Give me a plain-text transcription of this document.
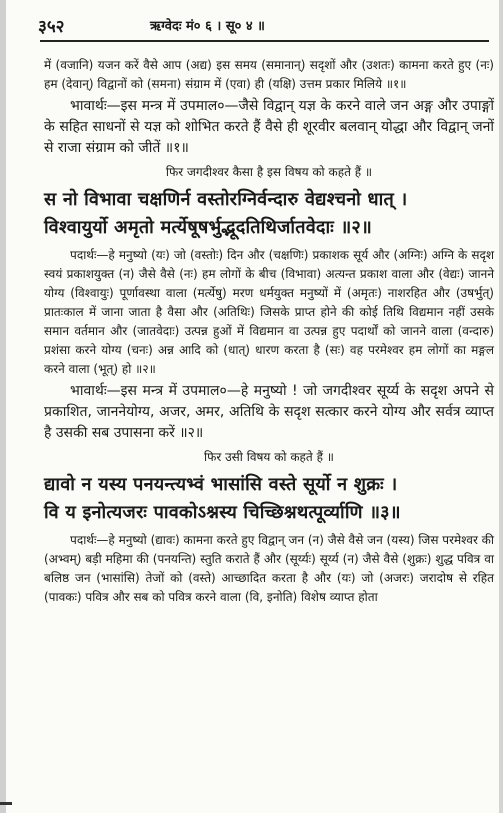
३५२	ऋग्वेदः मं० ६ । सू० ४ ॥

में (वजानि) यजन करें वैसे आप (अद्य) इस समय (समानान्) सदृशों और (उशतः) कामना करते हुए (नः) हम (देवान्) विद्वानों को (समना) संग्राम में (एवा) ही (यक्षि) उत्तम प्रकार मिलिये ॥१॥

भावार्थः—इस मन्त्र में उपमाल०—जैसे विद्वान् यज्ञ के करने वाले जन अङ्ग और उपाङ्गों के सहित साधनों से यज्ञ को शोभित करते हैं वैसे ही शूरवीर बलवान् योद्धा और विद्वान् जनों से राजा संग्राम को जीतें ॥१॥

फिर जगदीश्वर कैसा है इस विषय को कहते हैं ॥

स नो विभावा चक्षणिर्न वस्तोरग्निर्वन्दारु वेद्यश्चनो धात् ।
विश्वायुर्यो अमृतो मर्त्येषूषर्भुद्भूदतिथिर्जातवेदाः ॥२॥

पदार्थः—हे मनुष्यो (यः) जो (वस्तोः) दिन और (चक्षणिः) प्रकाशक सूर्य और (अग्निः) अग्नि के सदृश स्वयं प्रकाशयुक्त (न) जैसे वैसे (नः) हम लोगों के बीच (विभावा) अत्यन्त प्रकाश वाला और (वेद्यः) जानने योग्य (विश्वायुः) पूर्णावस्था वाला (मर्त्येषु) मरण धर्मयुक्त मनुष्यों में (अमृतः) नाशरहित और (उषर्भुत्) प्रातःकाल में जाना जाता है वैसा और (अतिथिः) जिसके प्राप्त होने की कोई तिथि विद्यमान नहीं उसके समान वर्तमान और (जातवेदाः) उत्पन्न हुओं में विद्यमान वा उत्पन्न हुए पदार्थों को जानने वाला (वन्दारु) प्रशंसा करने योग्य (चनः) अन्न आदि को (धात्) धारण करता है (सः) वह परमेश्वर हम लोगों का मङ्गल करने वाला (भूत्) हो ॥२॥

भावार्थः—इस मन्त्र में उपमाल०—हे मनुष्यो ! जो जगदीश्वर सूर्य्य के सदृश अपने से प्रकाशित, जाननेयोग्य, अजर, अमर, अतिथि के सदृश सत्कार करने योग्य और सर्वत्र व्याप्त है उसकी सब उपासना करें ॥२॥

फिर उसी विषय को कहते हैं ॥

द्यावो न यस्य पनयन्त्यभ्वं भासांसि वस्ते सूर्यो न शुक्रः ।
वि य इनोत्यजरः पावकोऽश्नस्य चिच्छिश्नथत्पूर्व्याणि ॥३॥

पदार्थः—हे मनुष्यो (द्यावः) कामना करते हुए विद्वान् जन (न) जैसे वैसे जन (यस्य) जिस परमेश्वर की (अभ्वम्) बड़ी महिमा की (पनयन्ति) स्तुति कराते हैं और (सूर्य्यः) सूर्य्य (न) जैसे वैसे (शुक्रः) शुद्ध पवित्र वा बलिष्ठ जन (भासांसि) तेजों को (वस्ते) आच्छादित करता है और (यः) जो (अजरः) जरादोष से रहित (पावकः) पवित्र और सब को पवित्र करने वाला (वि, इनोति) विशेष व्याप्त होता
